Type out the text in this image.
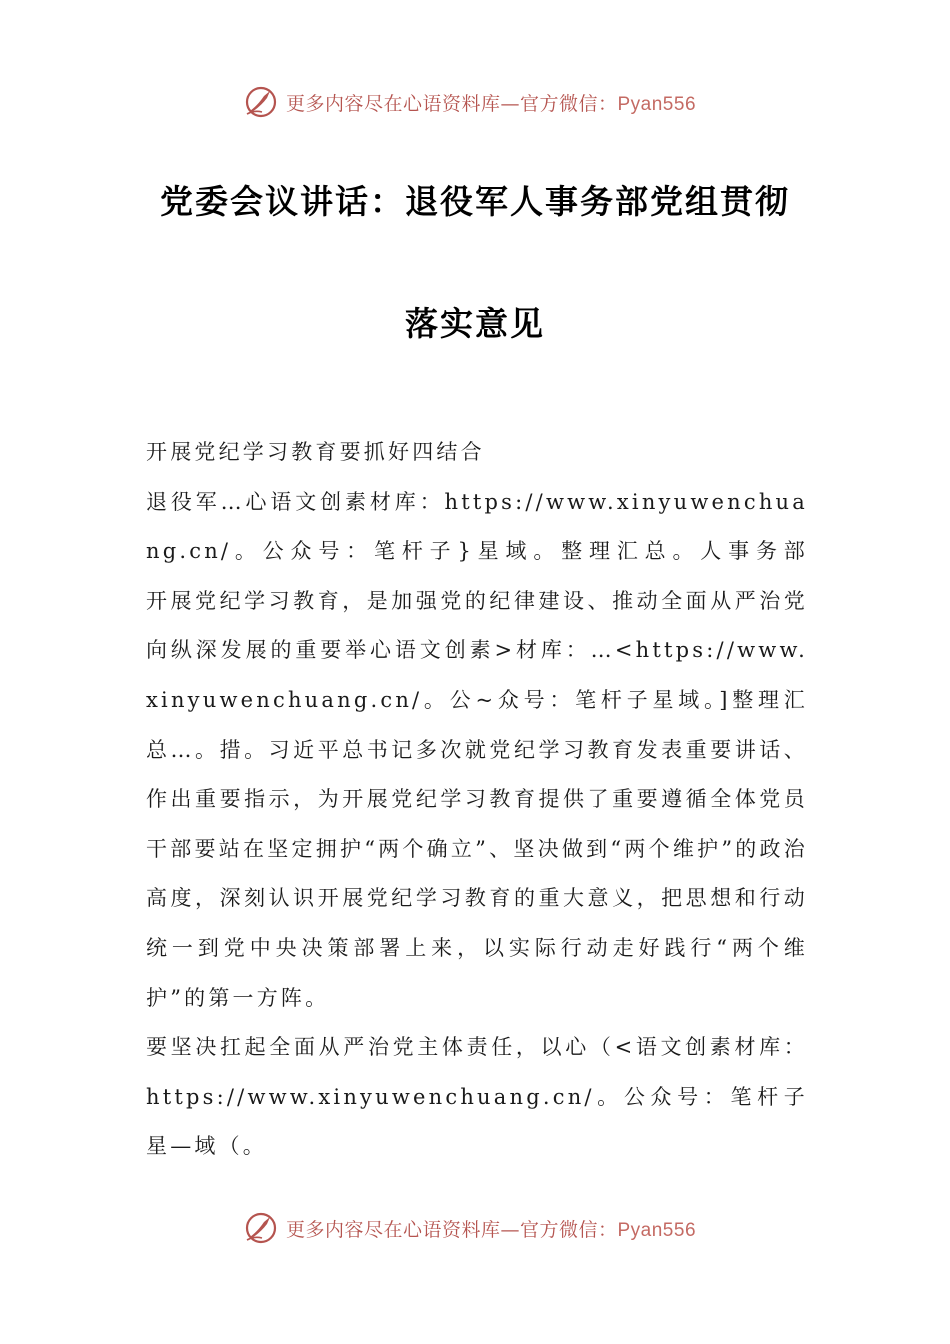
更多内容尽在心语资料库—官方微信：Pyan556
党委会议讲话：退役军人事务部党组贯彻
落实意见

开展党纪学习教育要抓好四结合

退役军…心语文创素材库：https://www.xinyuwenchuang.cn/。公众号：笔杆子}星域。整理汇总。人事务部

开展党纪学习教育，是加强党的纪律建设、推动全面从严治党向纵深发展的重要举心语文创素>材库：…<https://www.xinyuwenchuang.cn/。公~众号：笔杆子星域。]整理汇总…。措。习近平总书记多次就党纪学习教育发表重要讲话、作出重要指示，为开展党纪学习教育提供了重要遵循全体党员干部要站在坚定拥护“两个确立”、坚决做到“两个维护”的政治高度，深刻认识开展党纪学习教育的重大意义，把思想和行动统一到党中央决策部署上来，以实际行动走好践行“两个维护”的第一方阵。

要坚决扛起全面从严治党主体责任，以心（<语文创素材库：https://www.xinyuwenchuang.cn/。公众号：笔杆子星—域（。

更多内容尽在心语资料库—官方微信：Pyan556
